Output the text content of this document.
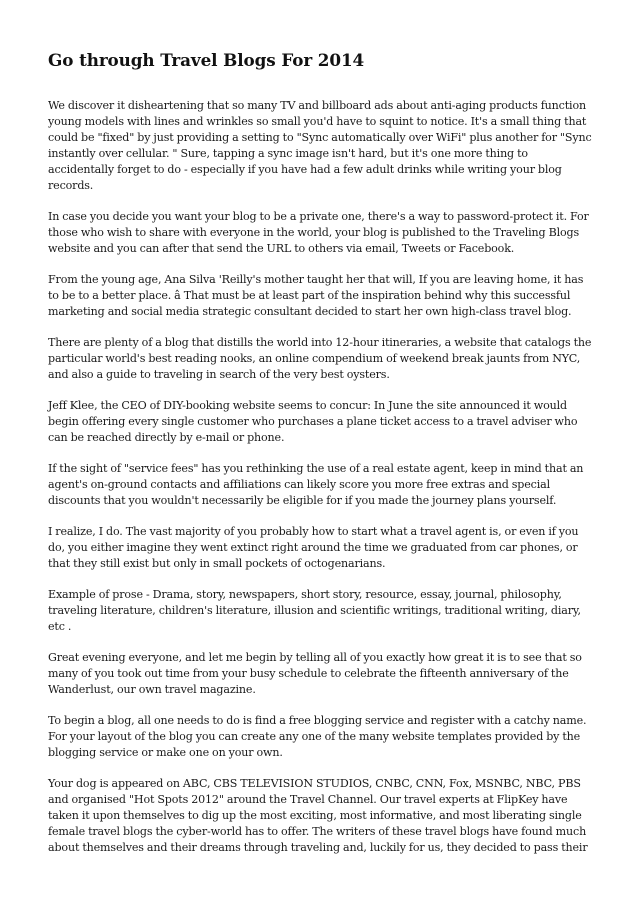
Go through Travel Blogs For 2014

We discover it disheartening that so many TV and billboard ads about anti-aging products function young models with lines and wrinkles so small you'd have to squint to notice. It's a small thing that could be "fixed" by just providing a setting to "Sync automatically over WiFi" plus another for "Sync instantly over cellular. " Sure, tapping a sync image isn't hard, but it's one more thing to accidentally forget to do - especially if you have had a few adult drinks while writing your blog records.

In case you decide you want your blog to be a private one, there's a way to password-protect it. For those who wish to share with everyone in the world, your blog is published to the Traveling Blogs website and you can after that send the URL to others via email, Tweets or Facebook.

From the young age, Ana Silva 'Reilly's mother taught her that will, If you are leaving home, it has to be to a better place. â That must be at least part of the inspiration behind why this successful marketing and social media strategic consultant decided to start her own high-class travel blog.

There are plenty of a blog that distills the world into 12-hour itineraries, a website that catalogs the particular world's best reading nooks, an online compendium of weekend break jaunts from NYC, and also a guide to traveling in search of the very best oysters.

Jeff Klee, the CEO of DIY-booking website seems to concur: In June the site announced it would begin offering every single customer who purchases a plane ticket access to a travel adviser who can be reached directly by e-mail or phone.

If the sight of "service fees" has you rethinking the use of a real estate agent, keep in mind that an agent's on-ground contacts and affiliations can likely score you more free extras and special discounts that you wouldn't necessarily be eligible for if you made the journey plans yourself.

I realize, I do. The vast majority of you probably how to start what a travel agent is, or even if you do, you either imagine they went extinct right around the time we graduated from car phones, or that they still exist but only in small pockets of octogenarians.

Example of prose - Drama, story, newspapers, short story, resource, essay, journal, philosophy, traveling literature, children's literature, illusion and scientific writings, traditional writing, diary, etc .

Great evening everyone, and let me begin by telling all of you exactly how great it is to see that so many of you took out time from your busy schedule to celebrate the fifteenth anniversary of the Wanderlust, our own travel magazine.

To begin a blog, all one needs to do is find a free blogging service and register with a catchy name. For your layout of the blog you can create any one of the many website templates provided by the blogging service or make one on your own.

Your dog is appeared on ABC, CBS TELEVISION STUDIOS, CNBC, CNN, Fox, MSNBC, NBC, PBS and organised "Hot Spots 2012" around the Travel Channel. Our travel experts at FlipKey have taken it upon themselves to dig up the most exciting, most informative, and most liberating single female travel blogs the cyber-world has to offer. The writers of these travel blogs have found much about themselves and their dreams through traveling and, luckily for us, they decided to pass their
